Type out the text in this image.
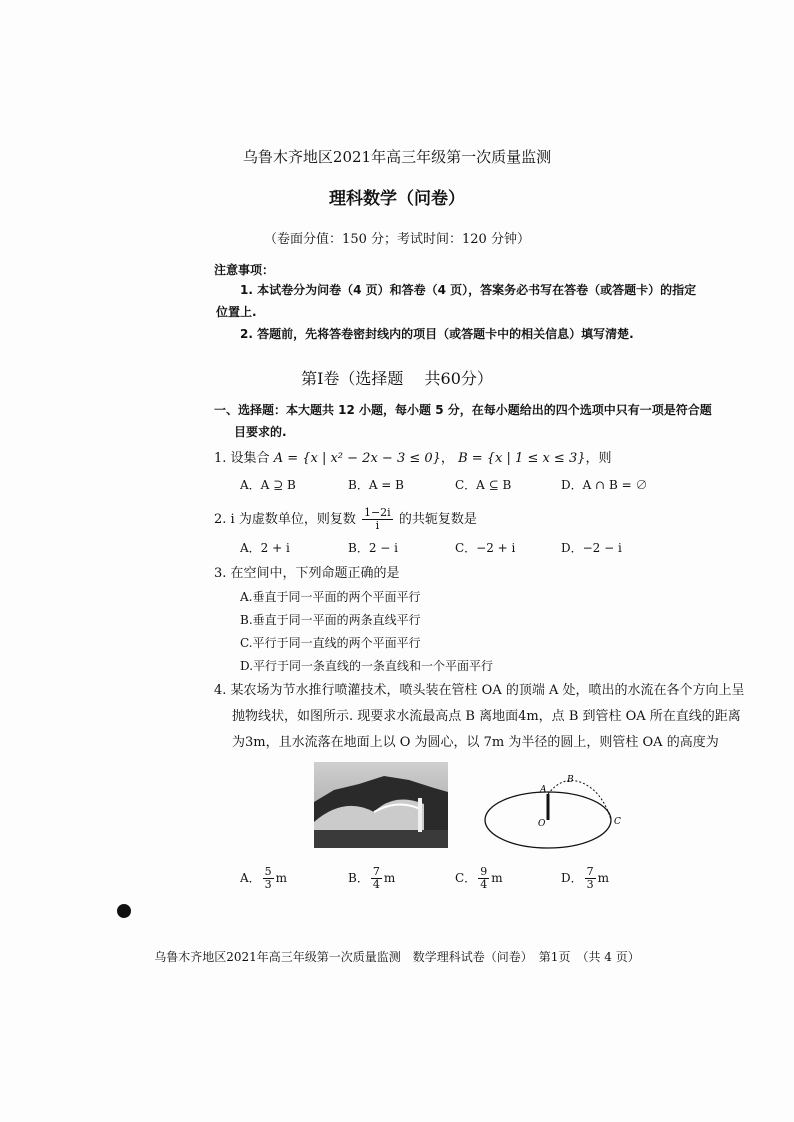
乌鲁木齐地区2021年高三年级第一次质量监测
理科数学（问卷）
（卷面分值：150 分；考试时间：120 分钟）
注意事项：
1. 本试卷分为问卷（4 页）和答卷（4 页），答案务必书写在答卷（或答题卡）的指定
位置上.
2. 答题前，先将答卷密封线内的项目（或答题卡中的相关信息）填写清楚.
第Ⅰ卷（选择题　 共60分）
一、选择题：本大题共 12 小题，每小题 5 分，在每小题给出的四个选项中只有一项是符合题
目要求的.
1. 设集合 A = {x | x² − 2x − 3 ≤ 0}， B = {x | 1 ≤ x ≤ 3}，则
A．A ⊇ B	B．A = B	C．A ⊆ B	D．A ∩ B = ∅
2. i 为虚数单位，则复数 $\frac{1-2i}{i}$ 的共轭复数是
A．2 + i	B．2 − i	C．−2 + i	D．−2 − i
3. 在空间中，下列命题正确的是
A.垂直于同一平面的两个平面平行
B.垂直于同一平面的两条直线平行
C.平行于同一直线的两个平面平行
D.平行于同一条直线的一条直线和一个平面平行
4. 某农场为节水推行喷灌技术，喷头装在管柱 OA 的顶端 A 处，喷出的水流在各个方向上呈
抛物线状，如图所示. 现要求水流最高点 B 离地面4m，点 B 到管柱 OA 所在直线的距离
为3m，且水流落在地面上以 O 为圆心，以 7m 为半径的圆上，则管柱 OA 的高度为
A
B
O	C
A． $\frac{5}{3}$ m	B． $\frac{7}{4}$ m	C． $\frac{9}{4}$ m	D． $\frac{7}{3}$ m
乌鲁木齐地区2021年高三年级第一次质量监测　数学理科试卷（问卷）　第1页　（共 4 页）
